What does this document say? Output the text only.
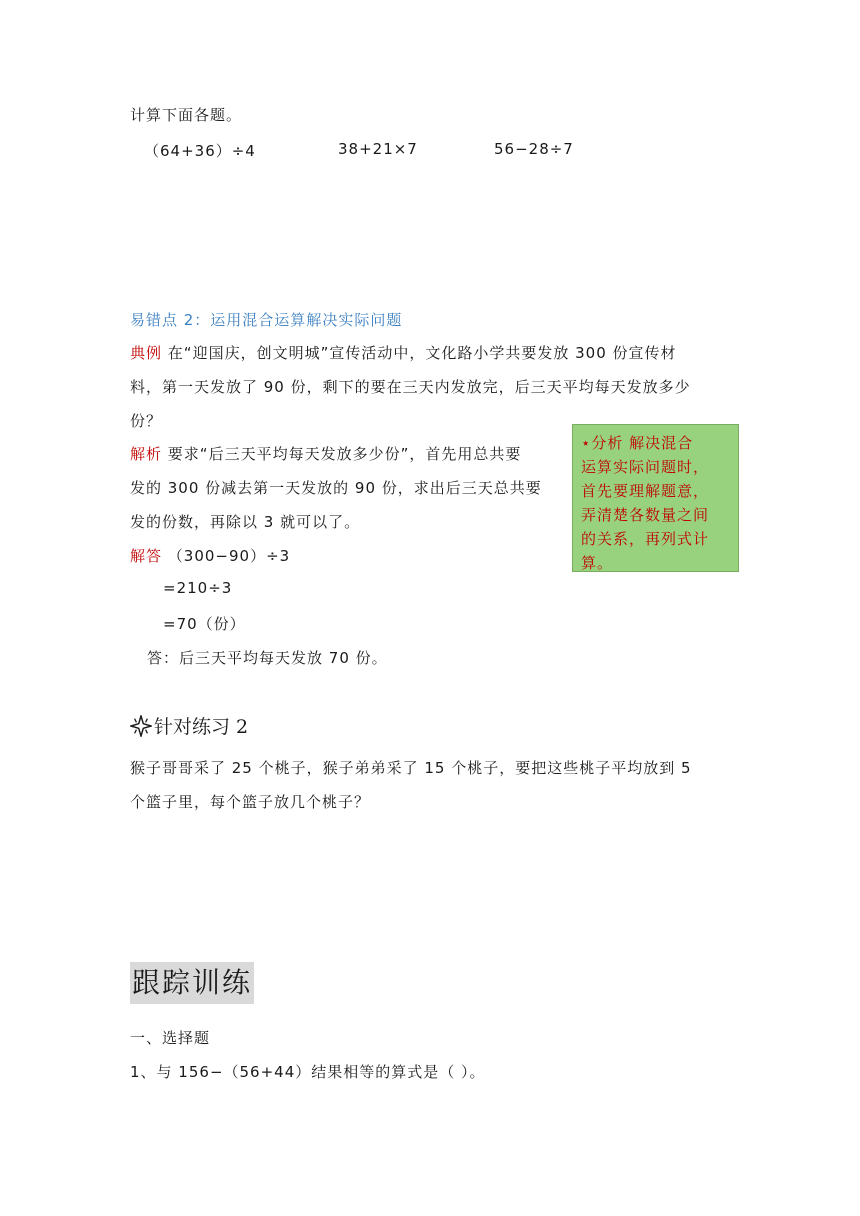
计算下面各题。
（64+36）÷4	38+21×7	56−28÷7
易错点 2：运用混合运算解决实际问题
典例 在“迎国庆，创文明城”宣传活动中，文化路小学共要发放 300 份宣传材
料，第一天发放了 90 份，剩下的要在三天内发放完，后三天平均每天发放多少
份？
解析 要求“后三天平均每天发放多少份”，首先用总共要
发的 300 份减去第一天发放的 90 份，求出后三天总共要
发的份数，再除以 3 就可以了。
解答 （300−90）÷3
=210÷3
=70（份）
答：后三天平均每天发放 70 份。
⋆分析 解决混合
运算实际问题时，
首先要理解题意，
弄清楚各数量之间
的关系，再列式计
算。
针对练习 2
猴子哥哥采了 25 个桃子，猴子弟弟采了 15 个桃子，要把这些桃子平均放到 5
个篮子里，每个篮子放几个桃子？
跟踪训练
一、选择题
1、与 156−（56+44）结果相等的算式是（ ）。
